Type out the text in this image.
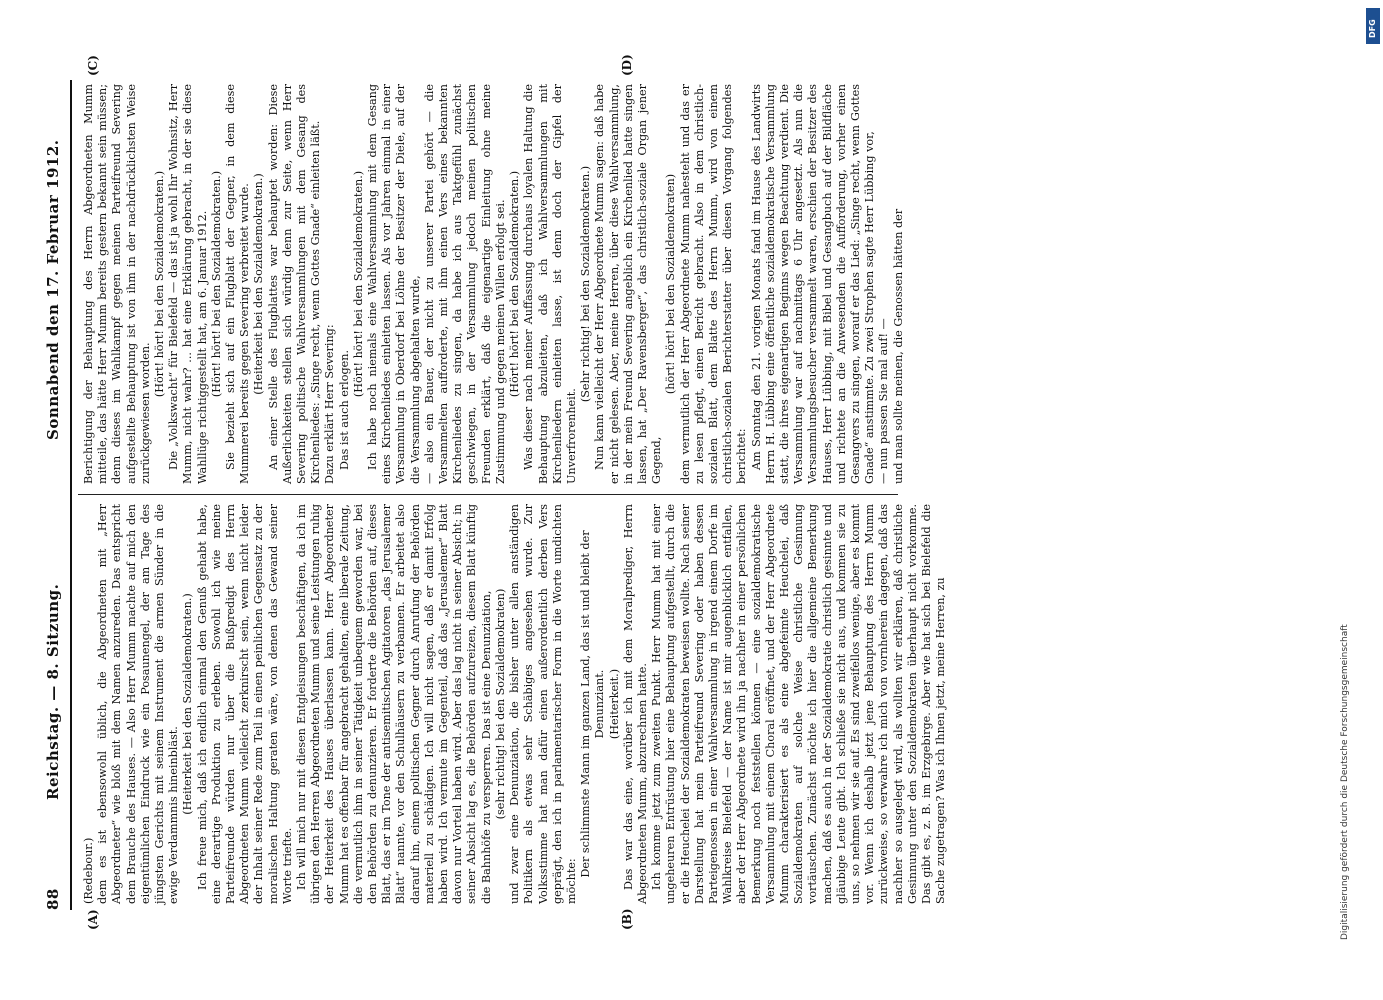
88
Reichstag. — 8. Sitzung.
Sonnabend den 17. Februar 1912.
(A)	(B)
(C)	(D)

(Redebour.) dem es ist ebensowohl üblich, die Abgeordneten mit „Herr Abgeordneter“ wie bloß mit dem Namen anzureden. Das entspricht dem Brauche des Hauses. — Also Herr Mumm machte auf mich den eigentümlichen Eindruck wie ein Posaunengel, der am Tage des jüngsten Gerichts mit seinem Instrument die armen Sünder in die ewige Verdammnis hineinbläst.

(Heiterkeit bei den Sozialdemokraten.) Ich freue mich, daß ich endlich einmal den Genuß gehabt habe, eine derartige Produktion zu erleben. Sowohl ich wie meine Parteifreunde würden nur über die Bußpredigt des Herrn Abgeordneten Mumm vielleicht zerknirscht sein, wenn nicht leider der Inhalt seiner Rede zum Teil in einen peinlichen Gegensatz zu der moralischen Haltung geraten wäre, von denen das Gewand seiner Worte triefte. Ich will mich nur mit diesen Entgleisungen beschäftigen, da ich im übrigen den Herren Abgeordneten Mumm und seine Leistungen ruhig der Heiterkeit des Hauses überlassen kann. Herr Abgeordneter Mumm hat es offenbar für angebracht gehalten, eine liberale Zeitung, die vermutlich ihm in seiner Tätigkeit unbequem geworden war, bei den Behörden zu denunzieren. Er forderte die Behörden auf, dieses Blatt, das er im Tone der antisemitischen Agitatoren „das Jerusalemer Blatt“ nannte, vor den Schulhäusern zu verbannen. Er arbeitet also darauf hin, einem politischen Gegner durch Anrufung der Behörden materiell zu schädigen. Ich will nicht sagen, daß er damit Erfolg haben wird. Ich vermute im Gegenteil, daß das „Jerusalemer“ Blatt davon nur Vorteil haben wird. Aber das lag nicht in seiner Absicht; in seiner Absicht lag es, die Behörden aufzureizen, diesem Blatt künftig die Bahnhöfe zu versperren. Das ist eine Denunziation, (sehr richtig! bei den Sozialdemokraten) und zwar eine Denunziation, die bisher unter allen anständigen Politikern als etwas sehr Schäbiges angesehen wurde. Zur Volksstimme hat man dafür einen außerordentlich derben Vers geprägt, den ich in parlamentarischer Form in die Worte umdichten möchte:

Der schlimmste Mann im ganzen Land, das ist und bleibt der Denunziant. (Heiterkeit.) Das war das eine, worüber ich mit dem Moralprediger, Herrn Abgeordneten Mumm, abzurechnen hatte. Ich komme jetzt zum zweiten Punkt. Herr Mumm hat mit einer ungeheuren Entrüstung hier eine Behauptung aufgestellt, durch die er die Heuchelei der Sozialdemokraten beweisen wollte. Nach seiner Darstellung hat mein Parteifreund Severing oder haben dessen Parteigenossen in einer Wahlversammlung in irgend einem Dorfe im Wahlkreise Bielefeld — der Name ist mir augenblicklich entfallen, aber der Herr Abgeordnete wird ihn ja nachher in einer persönlichen Bemerkung noch feststellen können — eine sozialdemokratische Versammlung mit einem Choral eröffnet, und der Herr Abgeordnete Mumm charakterisiert es als eine abgefeimte Heuchelei, daß Sozialdemokraten auf solche Weise christliche Gesinnung vortäuschen. Zunächst möchte ich hier die allgemeine Bemerkung machen, daß es auch in der Sozialdemokratie christlich gesinnte und gläubige Leute gibt. Ich schließe sie nicht aus, und kommen sie zu uns, so nehmen wir sie auf. Es sind zweifellos wenige, aber es kommt vor. Wenn ich deshalb jetzt jene Behauptung des Herrn Mumm zurückweise, so verwahre ich mich von vornherein dagegen, daß das nachher so ausgelegt wird, als wollten wir erklären, daß christliche Gesinnung unter den Sozialdemokraten überhaupt nicht vorkomme. Das gibt es, z. B. im Erzgebirge. Aber wie hat sich bei Bielefeld die Sache zugetragen? Was ich Ihnen jetzt, meine Herren, zu

Berichtigung der Behauptung des Herrn Abgeordneten Mumm mitteile, das hätte Herr Mumm bereits gestern bekannt sein müssen; denn dieses im Wahlkampf gegen meinen Parteifreund Severing aufgestellte Behauptung ist von ihm in der nachdrücklichsten Weise zurückgewiesen worden.

(Hört! hört! bei den Sozialdemokraten.) Die „Volkswacht“ für Bielefeld — das ist ja wohl Ihr Wohnsitz, Herr Mumm, nicht wahr? ... hat eine Erklärung gebracht, in der sie diese Wahllüge richtiggestellt hat, am 6. Januar 1912. (Hört! hört! bei den Sozialdemokraten.) Sie bezieht sich auf ein Flugblatt der Gegner, in dem diese Mummerei bereits gegen Severing verbreitet wurde. (Heiterkeit bei den Sozialdemokraten.) An einer Stelle des Flugblattes war behauptet worden: Diese Außerlichkeiten stellen sich würdig denn zur Seite, wenn Herr Severing politische Wahlversammlungen mit dem Gesang des Kirchenliedes: „Singe recht, wenn Gottes Gnade“ einleiten läßt. Dazu erklärt Herr Severing: Das ist auch erlogen.

(Hört! hört! bei den Sozialdemokraten.) Ich habe noch niemals eine Wahlversammlung mit dem Gesang eines Kirchenliedes einleiten lassen. Als vor Jahren einmal in einer Versammlung in Oberdorf bei Löhne der Besitzer der Diele, auf der die Versammlung abgehalten wurde, — also ein Bauer, der nicht zu unserer Partei gehört — die Versammelten aufforderte, mit ihm einen Vers eines bekannten Kirchenliedes zu singen, da habe ich aus Taktgefühl zunächst geschwiegen, in der Versammlung jedoch meinen politischen Freunden erklärt, daß die eigenartige Einleitung ohne meine Zustimmung und gegen meinen Willen erfolgt sei. (Hört! hört! bei den Sozialdemokraten.) Was dieser nach meiner Auffassung durchaus loyalen Haltung die Behauptung abzuleiten, daß ich Wahlversammlungen mit Kirchenliedern einleiten lasse, ist denn doch der Gipfel der Unverfrorenheit.

(Sehr richtig! bei den Sozialdemokraten.) Nun kann vielleicht der Herr Abgeordnete Mumm sagen: daß habe er nicht gelesen. Aber, meine Herren, über diese Wahlversammlung, in der mein Freund Severing angeblich ein Kirchenlied hatte singen lassen, hat „Der Ravensberger“, das christlich-soziale Organ jener Gegend,

(hört! hört! bei den Sozialdemokraten) dem vermutlich der Herr Abgeordnete Mumm nahesteht und das er zu lesen pflegt, einen Bericht gebracht. Also in dem christlich-sozialen Blatt, dem Blatte des Herrn Mumm, wird von einem christlich-sozialen Berichterstatter über diesen Vorgang folgendes berichtet: Am Sonntag den 21. vorigen Monats fand im Hause des Landwirts Herrn H. Lübbing eine öffentliche sozialdemokratische Versammlung statt, die ihres eigenartigen Beginns wegen Beachtung verdient. Die Versammlung war auf nachmittags 6 Uhr angesetzt. Als nun die Versammlungsbesucher versammelt waren, erschien der Besitzer des Hauses, Herr Lübbing, mit Bibel und Gesangbuch auf der Bildfläche und richtete an die Anwesenden die Aufforderung, vorher einen Gesangvers zu singen, worauf er das Lied: „Singe recht, wenn Gottes Gnade“ anstimmte. Zu zwei Strophen sagte Herr Lübbing vor, — nun passen Sie mal auf! — und man sollte meinen, die Genossen hätten der

Digitalisierung gefördert durch die Deutsche Forschungsgemeinschaft
DFG
